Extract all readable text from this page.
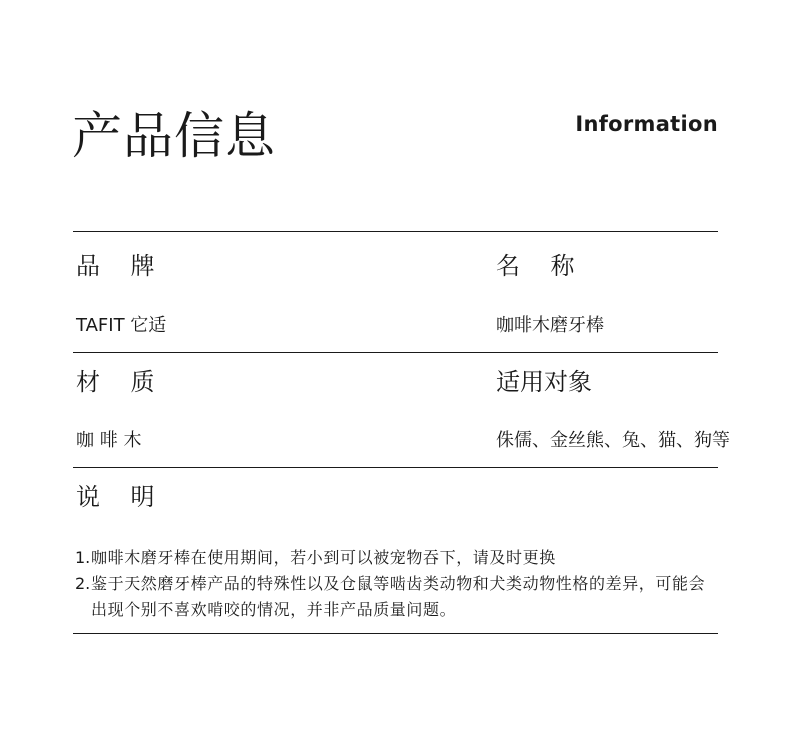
产品信息	Information
品    牌	名    称
TAFIT 它适	咖啡木磨牙棒
材    质	适用对象
咖 啡 木	侏儒、金丝熊、兔、猫、狗等
说    明
1. 咖啡木磨牙棒在使用期间，若小到可以被宠物吞下，请及时更换
2. 鉴于天然磨牙棒产品的特殊性以及仓鼠等啮齿类动物和犬类动物性格的差异，可能会出现个别不喜欢啃咬的情况，并非产品质量问题。
